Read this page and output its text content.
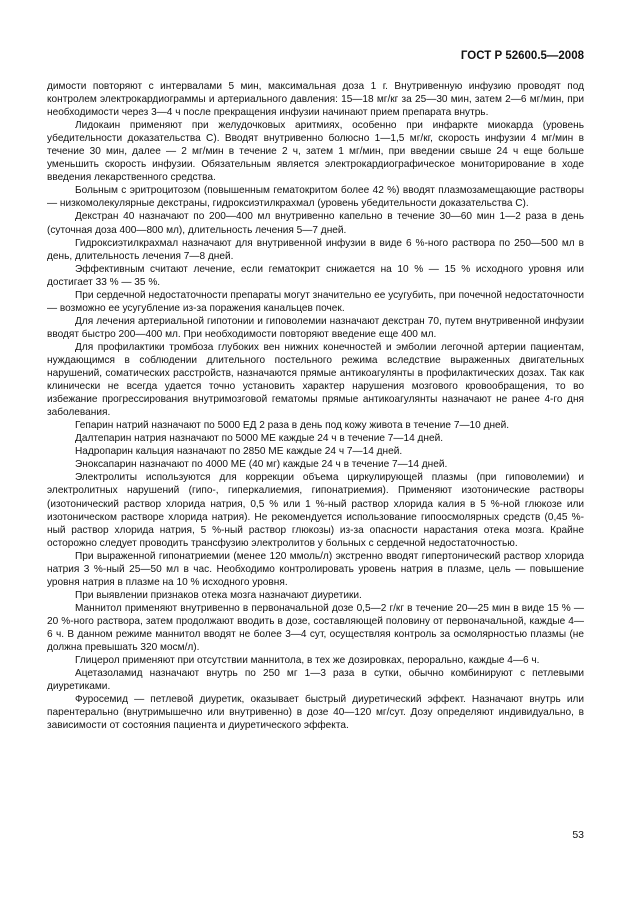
ГОСТ Р 52600.5—2008

димости повторяют с интервалами 5 мин, максимальная доза 1 г. Внутривенную инфузию проводят под контролем электрокардиограммы и артериального давления: 15—18 мг/кг за 25—30 мин, затем 2—6 мг/мин, при необходимости через 3—4 ч после прекращения инфузии начинают прием препарата внутрь.

Лидокаин применяют при желудочковых аритмиях, особенно при инфаркте миокарда (уровень убедительности доказательства С). Вводят внутривенно болюсно 1—1,5 мг/кг, скорость инфузии 4 мг/мин в течение 30 мин, далее — 2 мг/мин в течение 2 ч, затем 1 мг/мин, при введении свыше 24 ч еще больше уменьшить скорость инфузии. Обязательным является электрокардиографическое мониторирование в ходе введения лекарственного средства.

Больным с эритроцитозом (повышенным гематокритом более 42 %) вводят плазмозамещающие растворы — низкомолекулярные декстраны, гидроксиэтилкрахмал (уровень убедительности доказательства С).

Декстран 40 назначают по 200—400 мл внутривенно капельно в течение 30—60 мин 1—2 раза в день (суточная доза 400—800 мл), длительность лечения 5—7 дней.

Гидроксиэтилкрахмал назначают для внутривенной инфузии в виде 6 %-ного раствора по 250—500 мл в день, длительность лечения 7—8 дней.

Эффективным считают лечение, если гематокрит снижается на 10 % — 15 % исходного уровня или достигает 33 % — 35 %.

При сердечной недостаточности препараты могут значительно ее усугубить, при почечной недостаточности — возможно ее усугубление из-за поражения канальцев почек.

Для лечения артериальной гипотонии и гиповолемии назначают декстран 70, путем внутривенной инфузии вводят быстро 200—400 мл. При необходимости повторяют введение еще 400 мл.

Для профилактики тромбоза глубоких вен нижних конечностей и эмболии легочной артерии пациентам, нуждающимся в соблюдении длительного постельного режима вследствие выраженных двигательных нарушений, соматических расстройств, назначаются прямые антикоагулянты в профилактических дозах. Так как клинически не всегда удается точно установить характер нарушения мозгового кровообращения, то во избежание прогрессирования внутримозговой гематомы прямые антикоагулянты назначают не ранее 4-го дня заболевания.

Гепарин натрий назначают по 5000 ЕД 2 раза в день под кожу живота в течение 7—10 дней.

Далтепарин натрия назначают по 5000 МЕ каждые 24 ч в течение 7—14 дней.

Надропарин кальция назначают по 2850 МЕ каждые 24 ч 7—14 дней.

Эноксапарин назначают по 4000 МЕ (40 мг) каждые 24 ч в течение 7—14 дней.

Электролиты используются для коррекции объема циркулирующей плазмы (при гиповолемии) и электролитных нарушений (гипо-, гиперкалиемия, гипонатриемия). Применяют изотонические растворы (изотонический раствор хлорида натрия, 0,5 % или 1 %-ный раствор хлорида калия в 5 %-ной глюкозе или изотоническом растворе хлорида натрия). Не рекомендуется использование гипоосмолярных средств (0,45 %-ный раствор хлорида натрия, 5 %-ный раствор глюкозы) из-за опасности нарастания отека мозга. Крайне осторожно следует проводить трансфузию электролитов у больных с сердечной недостаточностью.

При выраженной гипонатриемии (менее 120 ммоль/л) экстренно вводят гипертонический раствор хлорида натрия 3 %-ный 25—50 мл в час. Необходимо контролировать уровень натрия в плазме, цель — повышение уровня натрия в плазме на 10 % исходного уровня.

При выявлении признаков отека мозга назначают диуретики.

Маннитол применяют внутривенно в первоначальной дозе 0,5—2 г/кг в течение 20—25 мин в виде 15 % — 20 %-ного раствора, затем продолжают вводить в дозе, составляющей половину от первоначальной, каждые 4—6 ч. В данном режиме маннитол вводят не более 3—4 сут, осуществляя контроль за осмолярностью плазмы (не должна превышать 320 мосм/л).

Глицерол применяют при отсутствии маннитола, в тех же дозировках, перорально, каждые 4—6 ч.

Ацетазоламид назначают внутрь по 250 мг 1—3 раза в сутки, обычно комбинируют с петлевыми диуретиками.

Фуросемид — петлевой диуретик, оказывает быстрый диуретический эффект. Назначают внутрь или парентерально (внутримышечно или внутривенно) в дозе 40—120 мг/сут. Дозу определяют индивидуально, в зависимости от состояния пациента и диуретического эффекта.

53
